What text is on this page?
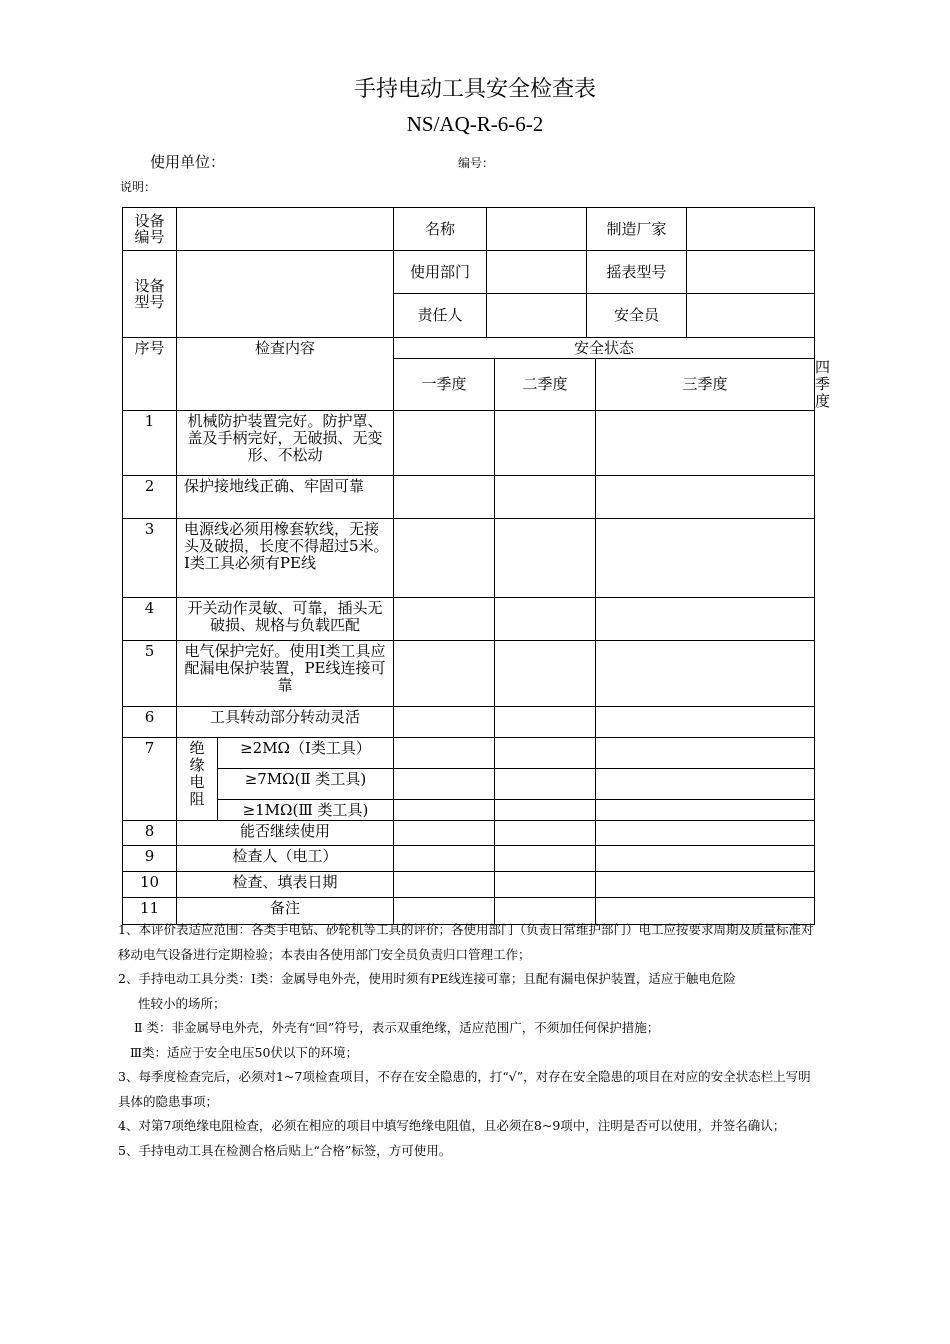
手持电动工具安全检查表
NS/AQ-R-6-6-2
使用单位：	编号：
说明：
设备编号			名称			制造厂家			

设备型号			使用部门			摇表型号			
			责任人			安全员			
序号	检查内容		安全状态						
			一季度		二季度		三季度		四季度
1	机械防护装置完好。防护罩、盖及手柄完好，无破损、无变形、不松动								

2	保护接地线正确、牢固可靠								
3	电源线必须用橡套软线，无接头及破损，长度不得超过5米。Ⅰ类工具必须有PE线								

4	开关动作灵敏、可靠，插头无破损、规格与负载匹配								

5	电气保护完好。使用Ⅰ类工具应配漏电保护装置，PE线连接可靠								

6	工具转动部分转动灵活								
7	绝缘电阻	≥2MΩ（Ⅰ类工具）							
		≥7MΩ(Ⅱ 类工具)							
		≥1MΩ(Ⅲ 类工具)							
8	能否继续使用								
9	检查人（电工）								
10	检查、填表日期								
11	备注								

1、本评价表适应范围：各类手电钻、砂轮机等工具的评价；各使用部门（负责日常维护部门）电工应按要求周期及质量标准对移动电气设备进行定期检验；本表由各使用部门安全员负责归口管理工作；

2、手持电动工具分类：Ⅰ类：金属导电外壳，使用时须有PE线连接可靠；且配有漏电保护装置，适应于触电危险

性较小的场所；

Ⅱ 类：非金属导电外壳，外壳有“回”符号，表示双重绝缘，适应范围广，不须加任何保护措施；

Ⅲ类：适应于安全电压50伏以下的环境；

3、每季度检查完后，必须对1~7项检查项目，不存在安全隐患的，打“√”，对存在安全隐患的项目在对应的安全状态栏上写明具体的隐患事项；

4、对第7项绝缘电阻检查，必须在相应的项目中填写绝缘电阻值，且必须在8~9项中，注明是否可以使用，并签名确认；

5、手持电动工具在检测合格后贴上“合格”标签，方可使用。
